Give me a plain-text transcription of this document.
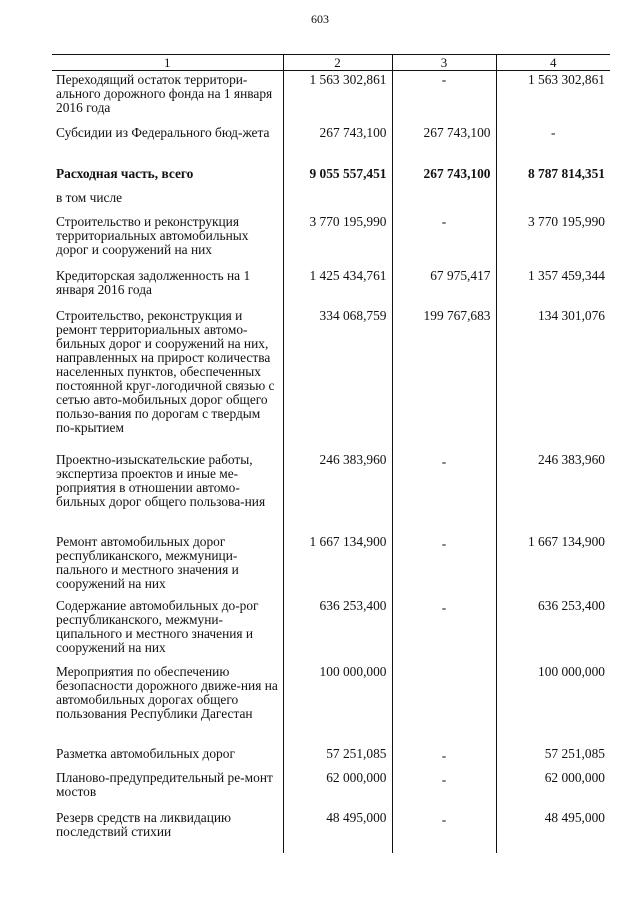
603
1	2	3	4
Переходящий остаток территори-ального дорожного фонда на 1 января 2016 года	1 563 302,861	-	1 563 302,861
Субсидии из Федерального бюд-жета	267 743,100	267 743,100	-
Расходная часть, всего	9 055 557,451	267 743,100	8 787 814,351
в том числе			
Строительство и реконструкция территориальных автомобильных дорог и сооружений на них	3 770 195,990	-	3 770 195,990
Кредиторская задолженность на 1 января 2016 года	1 425 434,761	67 975,417	1 357 459,344
Строительство, реконструкция и ремонт территориальных автомо-бильных дорог и сооружений на них, направленных на прирост количества населенных пунктов, обеспеченных постоянной круг-логодичной связью с сетью авто-мобильных дорог общего пользо-вания по дорогам с твердым по-крытием	334 068,759	199 767,683	134 301,076
Проектно-изыскательские работы, экспертиза проектов и иные ме-роприятия в отношении автомо-бильных дорог общего пользова-ния	246 383,960	-	246 383,960
Ремонт автомобильных дорог республиканского, межмуници-пального и местного значения и сооружений на них	1 667 134,900	-	1 667 134,900
Содержание автомобильных до-рог республиканского, межмуни-ципального и местного значения и сооружений на них	636 253,400	-	636 253,400
Мероприятия по обеспечению безопасности дорожного движе-ния на автомобильных дорогах общего пользования Республики Дагестан	100 000,000		100 000,000
Разметка автомобильных дорог	57 251,085	-	57 251,085
Планово-предупредительный ре-монт мостов	62 000,000	-	62 000,000
Резерв средств на ликвидацию последствий стихии	48 495,000	-	48 495,000
